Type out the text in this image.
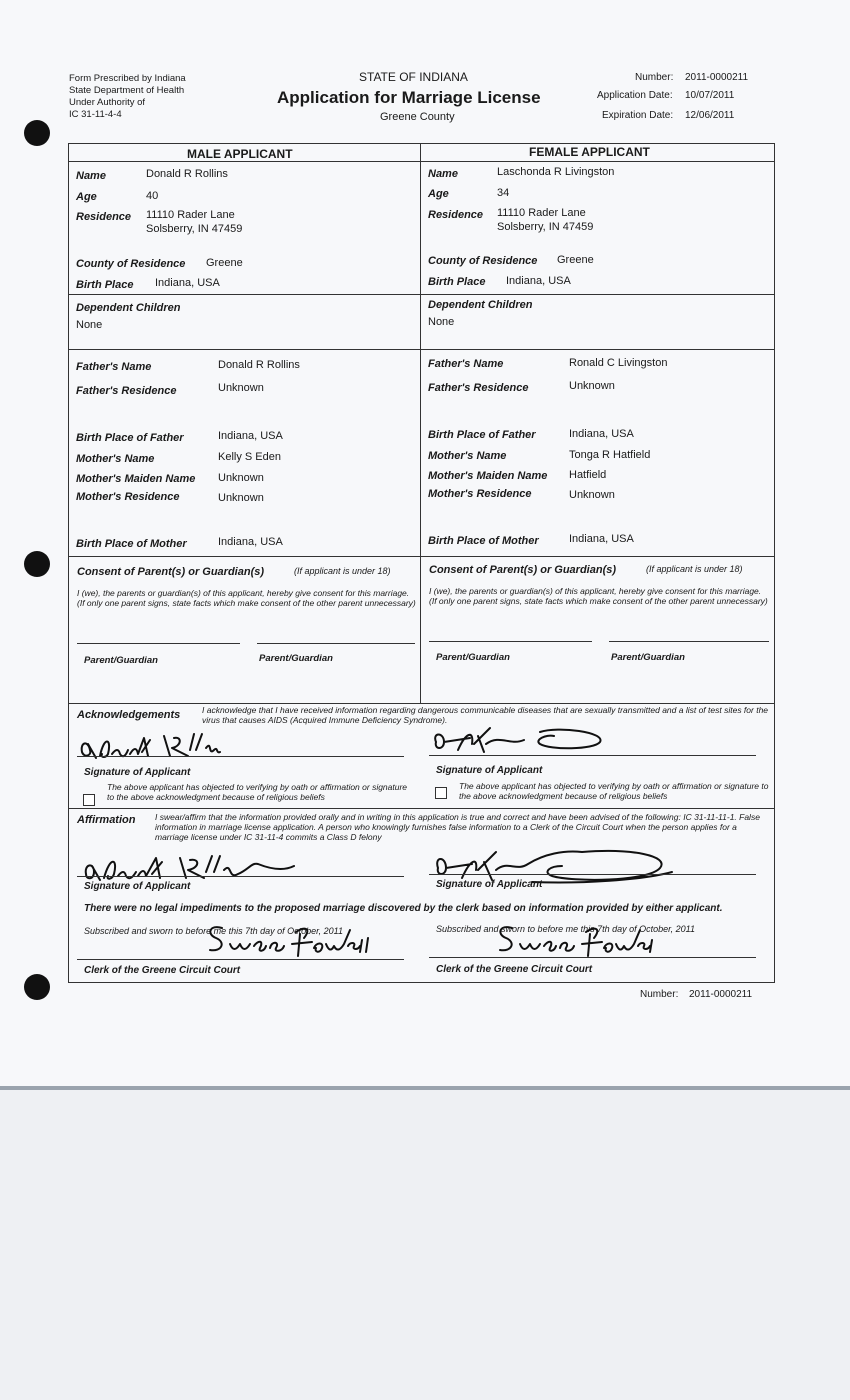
Form Prescribed by Indiana
State Department of Health
Under Authority of
IC 31-11-4-4
STATE OF INDIANA
Application for Marriage License
Greene County
Number: 2011-0000211
Application Date: 10/07/2011
Expiration Date: 12/06/2011
MALE APPLICANT	FEMALE APPLICANT
Name	Donald R Rollins
Age	40
Residence 11110 Rader Lane
Solsberry, IN 47459
County of Residence Greene
Birth Place Indiana, USA
Dependent Children
None
Father's Name	Donald R Rollins
Father's Residence	Unknown
Birth Place of Father	Indiana, USA
Mother's Name	Kelly S Eden
Mother's Maiden Name Unknown
Mother's Residence	Unknown
Birth Place of Mother	Indiana, USA
Name	Laschonda R Livingston
Age	34
Residence 11110 Rader Lane
Solsberry, IN 47459
County of Residence Greene
Birth Place Indiana, USA
Dependent Children
None
Father's Name	Ronald C Livingston
Father's Residence	Unknown
Birth Place of Father	Indiana, USA
Mother's Name	Tonga R Hatfield
Mother's Maiden Name Hatfield
Mother's Residence	Unknown
Birth Place of Mother	Indiana, USA
Consent of Parent(s) or Guardian(s)	(If applicant is under 18)
I (we), the parents or guardian(s) of this applicant, hereby give consent for this marriage. (If only one parent signs, state facts which make consent of the other parent unnecessary)
Parent/Guardian	Parent/Guardian
Consent of Parent(s) or Guardian(s)	(If applicant is under 18)
I (we), the parents or guardian(s) of this applicant, hereby give consent for this marriage. (If only one parent signs, state facts which make consent of the other parent unnecessary)
Parent/Guardian	Parent/Guardian
Acknowledgements	I acknowledge that I have received information regarding dangerous communicable diseases that are sexually transmitted and a list of test sites for the virus that causes AIDS (Acquired Immune Deficiency Syndrome).
Signature of Applicant	Signature of Applicant
The above applicant has objected to verifying by oath or affirmation or signature to the above acknowledgment because of religious beliefs
The above applicant has objected to verifying by oath or affirmation or signature to the above acknowledgment because of religious beliefs
Affirmation I swear/affirm that the information provided orally and in writing in this application is true and correct and have been advised of the following: IC 31-11-11-1. False information in marriage license application. A person who knowingly furnishes false information to a Clerk of the Circuit Court when the person applies for a marriage license under IC 31-11-4 commits a Class D felony
Signature of Applicant	Signature of Applicant
There were no legal impediments to the proposed marriage discovered by the clerk based on information provided by either applicant.
Subscribed and sworn to before me this 7th day of October, 2011	Subscribed and sworn to before me this 7th day of October, 2011
Clerk of the Greene Circuit Court	Clerk of the Greene Circuit Court
Number: 2011-0000211
